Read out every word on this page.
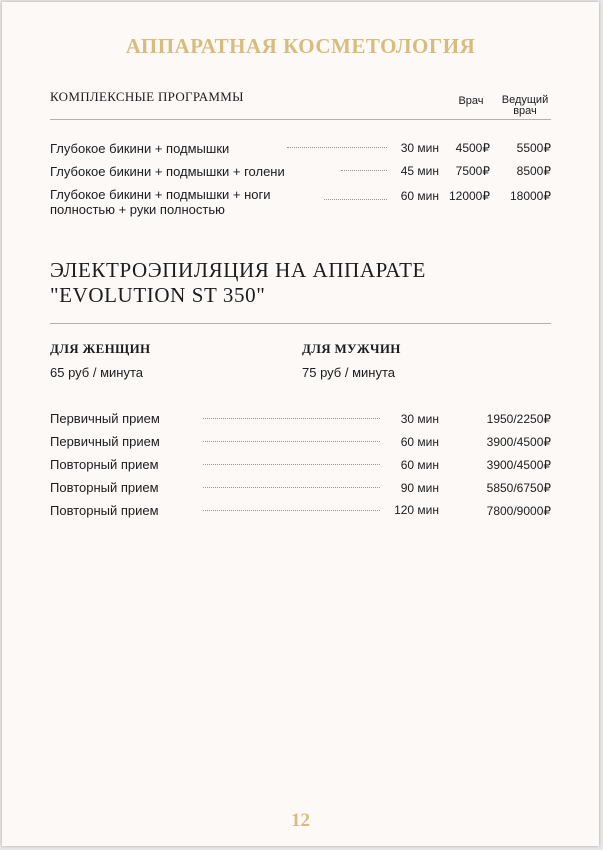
АППАРАТНАЯ КОСМЕТОЛОГИЯ
КОМПЛЕКСНЫЕ ПРОГРАММЫ	Врач	Ведущий
врач
Глубокое бикини + подмышки	30 мин 4500₽ 5500₽
Глубокое бикини + подмышки + голени	45 мин 7500₽ 8500₽
Глубокое бикини + подмышки + ноги
полностью + руки полностью
60 мин 12000₽ 18000₽
ЭЛЕКТРОЭПИЛЯЦИЯ НА АППАРАТЕ
"EVOLUTION ST 350"
ДЛЯ ЖЕНЩИН
65 руб / минута
ДЛЯ МУЖЧИН
75 руб / минута
Первичный прием	30 мин	1950/2250₽
Первичный прием	60 мин	3900/4500₽
Повторный прием	60 мин	3900/4500₽
Повторный прием	90 мин	5850/6750₽
Повторный прием	120 мин	7800/9000₽
12
